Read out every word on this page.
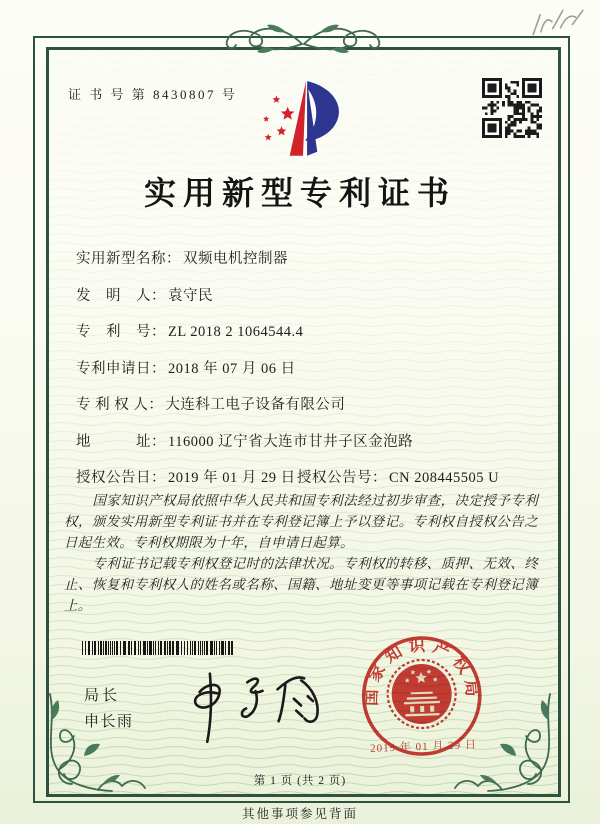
证 书 号 第 8430807 号
实用新型专利证书
实用新型名称： 双频电机控制器
发　明　人： 袁守民
专　利　号： ZL 2018 2 1064544.4
专利申请日： 2018 年 07 月 06 日
专 利 权 人： 大连科工电子设备有限公司
地　　　址： 116000 辽宁省大连市甘井子区金泡路
授权公告日： 2019 年 01 月 29 日 授权公告号： CN 208445505 U

国家知识产权局依照中华人民共和国专利法经过初步审查，决定授予专利权，颁发实用新型专利证书并在专利登记簿上予以登记。专利权自授权公告之日起生效。专利权期限为十年，自申请日起算。

专利证书记载专利权登记时的法律状况。专利权的转移、质押、无效、终止、恢复和专利权人的姓名或名称、国籍、地址变更等事项记载在专利登记簿上。

局长
申长雨
国家知识产权局
2019 年 01 月 29 日
第 1 页 (共 2 页)
其他事项参见背面
